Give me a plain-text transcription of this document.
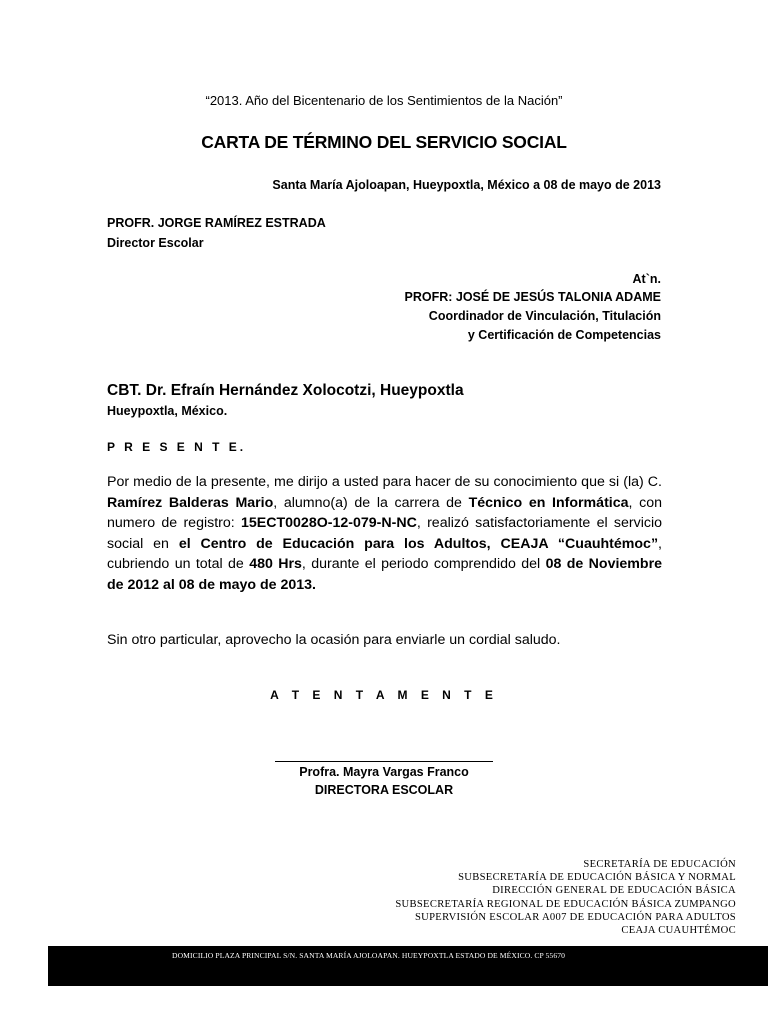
“2013. Año del Bicentenario de los Sentimientos de la Nación”
CARTA DE TÉRMINO DEL SERVICIO SOCIAL
Santa María Ajoloapan, Hueypoxtla, México a 08 de mayo de 2013
PROFR. JORGE RAMÍREZ ESTRADA
Director Escolar
At`n.
PROFR: JOSÉ DE JESÚS TALONIA ADAME
Coordinador de Vinculación, Titulación
y Certificación de Competencias
CBT. Dr. Efraín Hernández Xolocotzi, Hueypoxtla
Hueypoxtla, México.
P R E S E N T E.
Por medio de la presente, me dirijo a usted para hacer de su conocimiento que si (la) C. Ramírez Balderas Mario, alumno(a) de la carrera de Técnico en Informática, con numero de registro: 15ECT0028O-12-079-N-NC, realizó satisfactoriamente el servicio social en el Centro de Educación para los Adultos, CEAJA “Cuauhtémoc”, cubriendo un total de 480 Hrs, durante el periodo comprendido del 08 de Noviembre de 2012 al 08 de mayo de 2013.
Sin otro particular, aprovecho la ocasión para enviarle un cordial saludo.
A T E N T A M E N T E
Profra. Mayra Vargas Franco
DIRECTORA ESCOLAR
SECRETARÍA DE EDUCACIÓN
SUBSECRETARÍA DE EDUCACIÓN BÁSICA Y NORMAL
DIRECCIÓN GENERAL DE EDUCACIÓN BÁSICA
SUBSECRETARÍA REGIONAL DE EDUCACIÓN BÁSICA ZUMPANGO
SUPERVISIÓN ESCOLAR A007 DE EDUCACIÓN PARA ADULTOS
CEAJA CUAUHTÉMOC
DOMICILIO PLAZA PRINCIPAL S/N. SANTA MARÍA AJOLOAPAN. HUEYPOXTLA ESTADO DE MÉXICO. CP 55670
